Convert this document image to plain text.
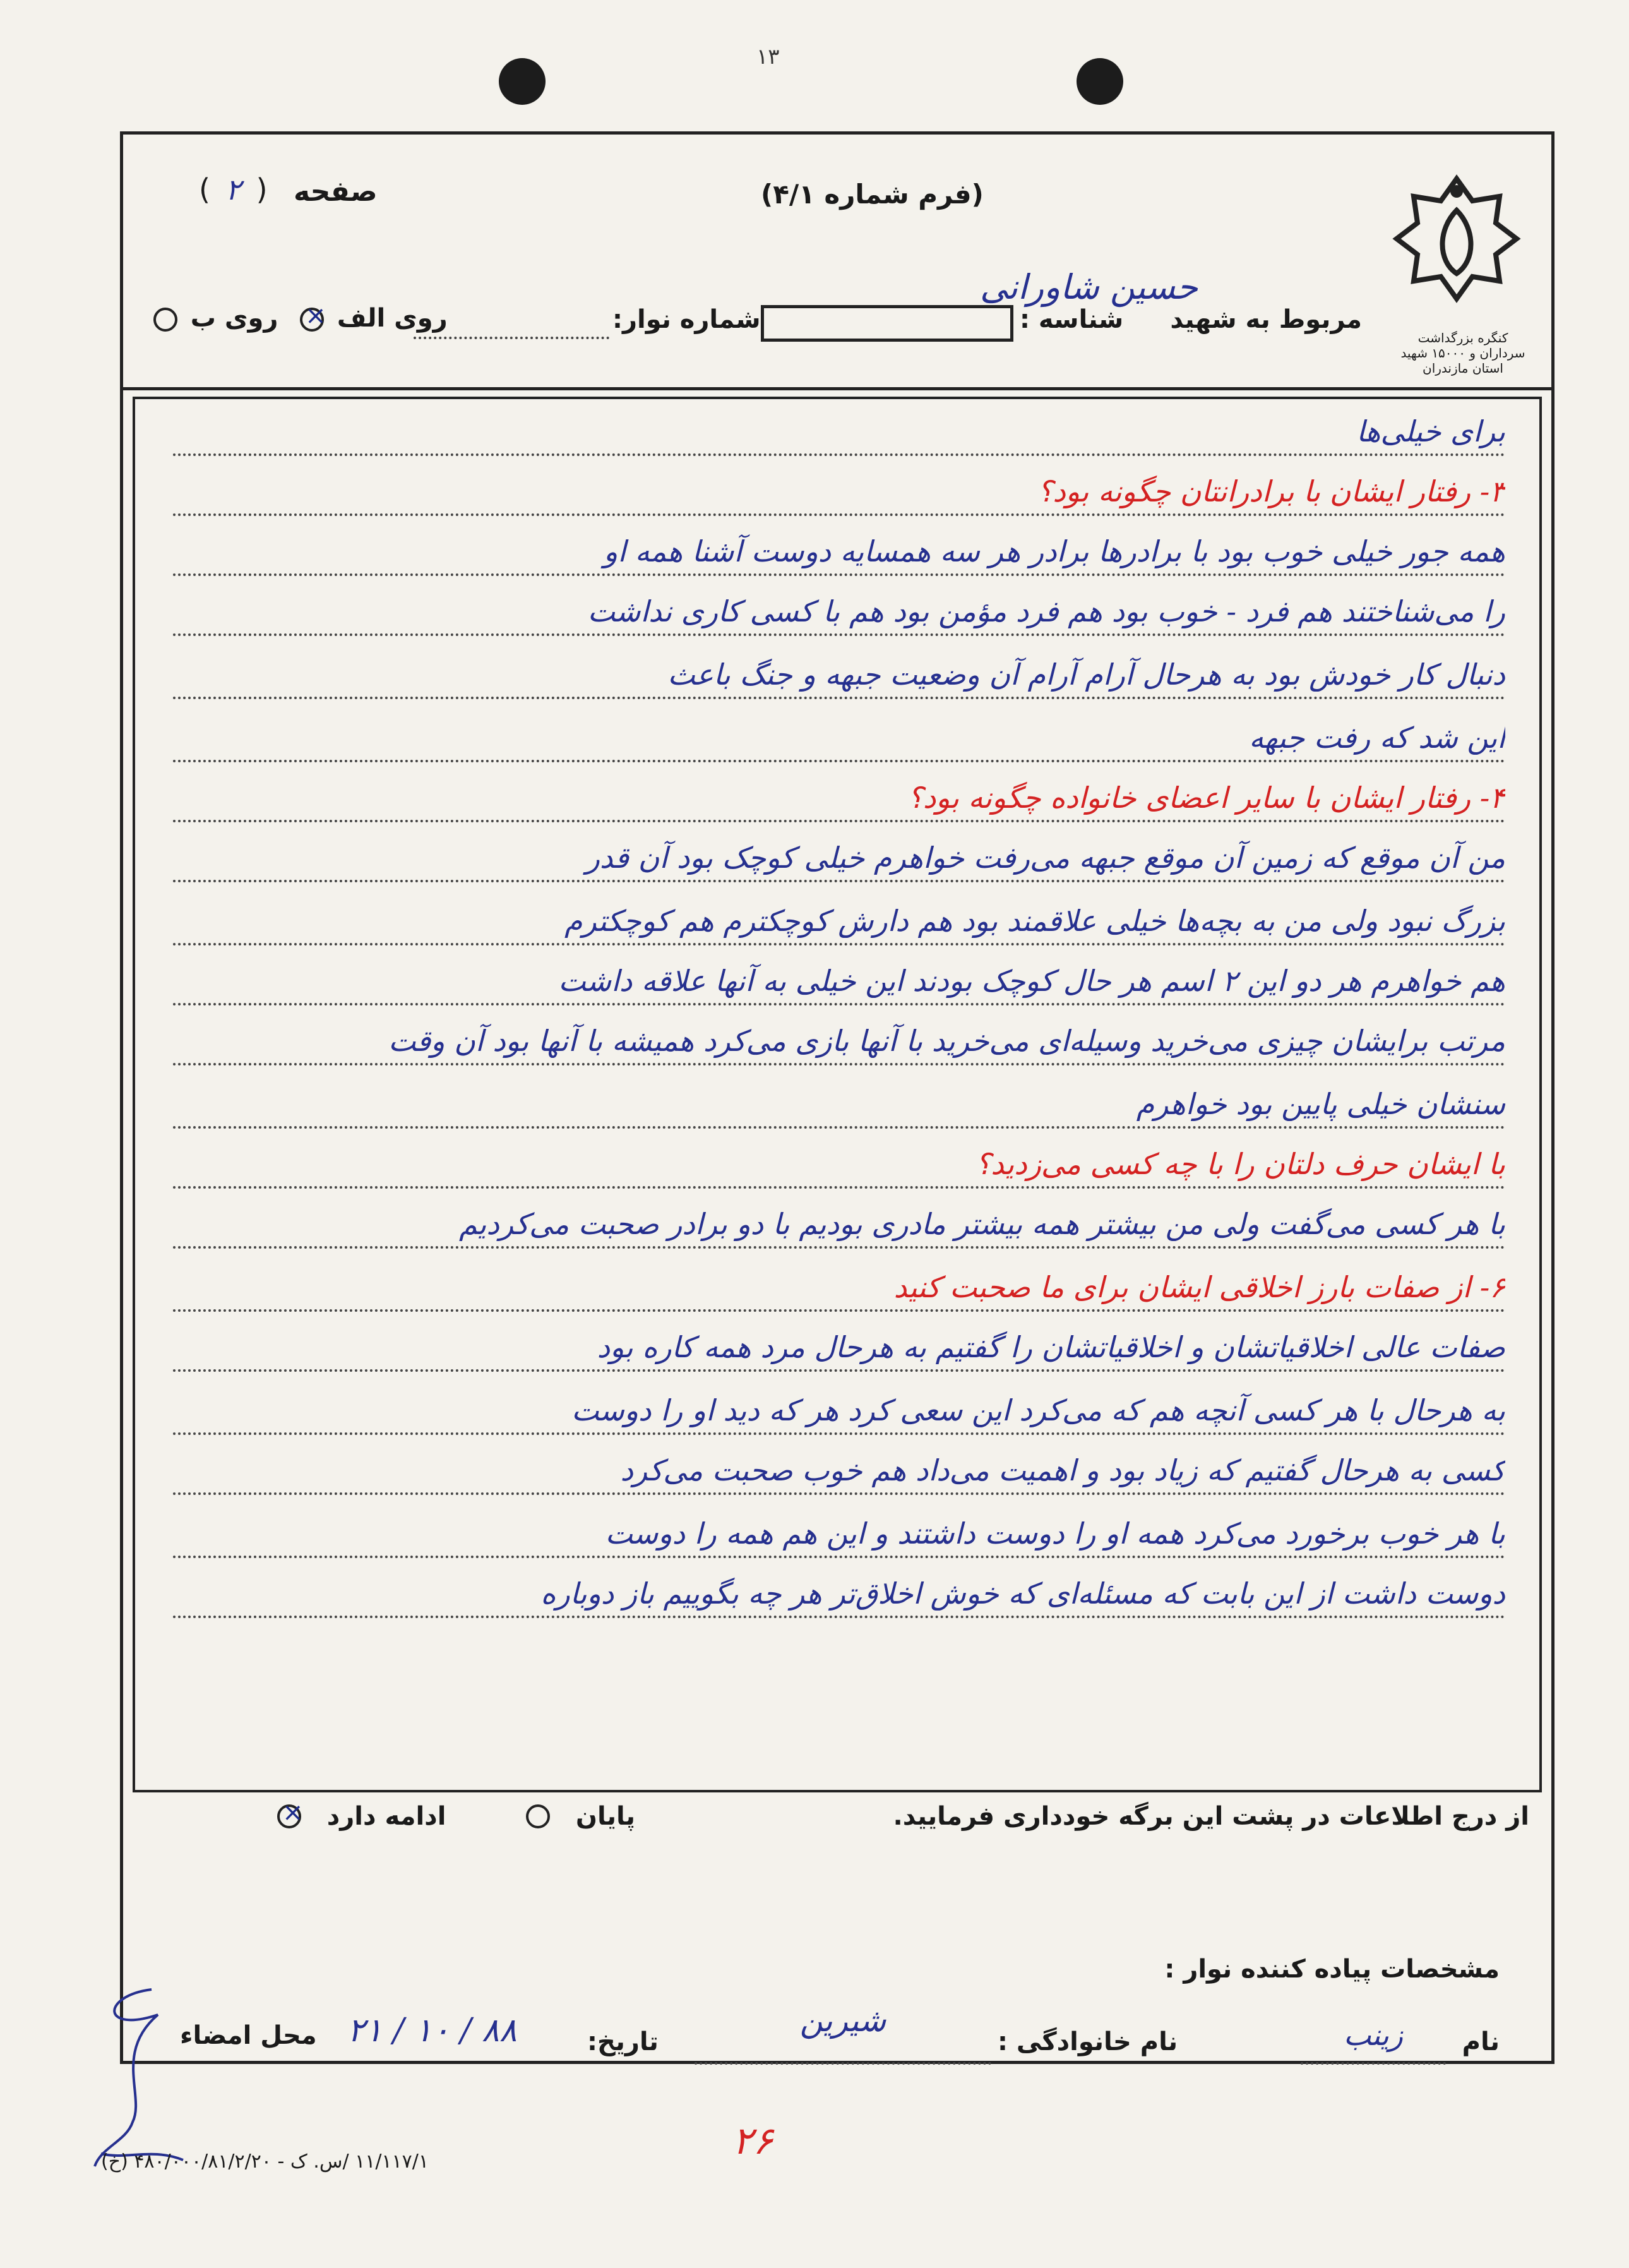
۱۳
کنگره بزرگداشت سرداران و ۱۵۰۰۰ شهید استان مازندران
(فرم شماره ۴/۱)
صفحه
( ۲ )
مربوط به شهید
حسین شاورانی
شناسه :
شماره نوار:
روی الف × روی ب
برای خیلی‌ها
۳- رفتار ایشان با برادرانتان چگونه بود؟
همه جور خیلی خوب بود با برادرها برادر هر سه همسایه دوست آشنا همه او
را می‌شناختند هم فرد - خوب بود هم فرد مؤمن بود هم با کسی کاری نداشت
دنبال کار خودش بود به هرحال آرام آرام آن وضعیت جبهه و جنگ باعث
این شد که رفت جبهه
۴- رفتار ایشان با سایر اعضای خانواده چگونه بود؟
من آن موقع که زمین آن موقع جبهه می‌رفت خواهرم خیلی کوچک بود آن قدر
بزرگ نبود ولی من به بچه‌ها خیلی علاقمند بود هم دارش کوچکترم هم کوچکترم
هم خواهرم هر دو این ۲ اسم هر حال کوچک بودند این خیلی به آنها علاقه داشت
مرتب برایشان چیزی می‌خرید وسیله‌ای می‌خرید با آنها بازی می‌کرد همیشه با آنها بود آن وقت
سنشان خیلی پایین بود خواهرم
با ایشان حرف دلتان را با چه کسی می‌زدید؟
با هر کسی می‌گفت ولی من بیشتر همه بیشتر مادری بودیم با دو برادر صحبت می‌کردیم
۶- از صفات بارز اخلاقی ایشان برای ما صحبت کنید
صفات عالی اخلاقیاتشان و اخلاقیاتشان را گفتیم به هرحال مرد همه کاره بود
به هرحال با هر کسی آنچه هم که می‌کرد این سعی کرد هر که دید او را دوست
کسی به هرحال گفتیم که زیاد بود و اهمیت می‌داد هم خوب صحبت می‌کرد
با هر خوب برخورد می‌کرد همه او را دوست داشتند و این هم همه را دوست
دوست داشت از این بابت که مسئله‌ای که خوش اخلاق‌تر هر چه بگوییم باز دوباره
از درج اطلاعات در پشت این برگه خودداری فرمایید.
پایان  ادامه دارد ×
مشخصات پیاده کننده نوار :
نام
زینب
نام خانوادگی :
شیرین
تاریخ:
۸۸ / ۱۰ / ۲۱
محل امضاء
۱۱/۱۱۷/۱ /س. ک - ۴۸۰/۰۰۰/۸۱/۲/۲۰ (خ)	۲۶
